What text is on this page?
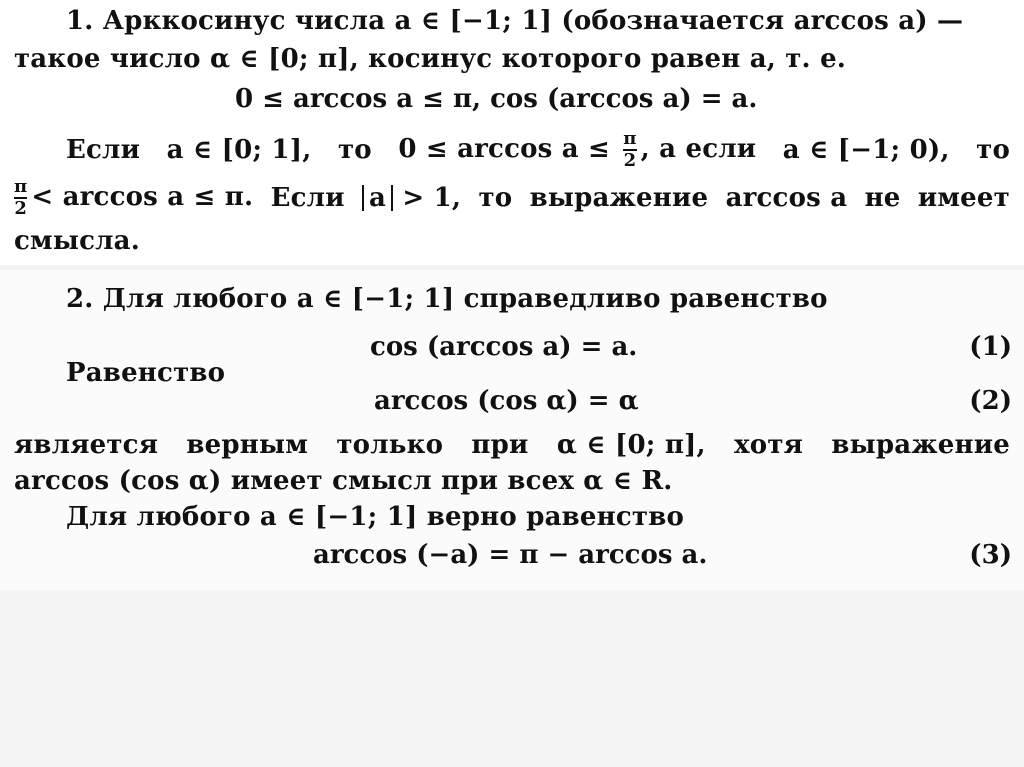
1. Арккосинус числа a ∈ [−1; 1] (обозначается arccos a) —
такое число α ∈ [0; π], косинус которого равен a, т. е.
0 ≤ arccos a ≤ π, cos (arccos a) = a.
Если a ∈ [0; 1], то $0 \le \arccos a \le \frac{\pi}{2}$ , а если a ∈ [−1; 0), то
$\frac{\pi}{2} < \arccos a \le \pi$. Если a > 1, то выражение arccos a не имеет
смысла.
2. Для любого a ∈ [−1; 1] справедливо равенство
cos (arccos a) = a.	(1)
Равенство
arccos (cos α) = α	(2)
является верным только при α ∈ [0; π], хотя выражение
arccos (cos α) имеет смысл при всех α ∈ R.
Для любого a ∈ [−1; 1] верно равенство
arccos (−a) = π − arccos a.	(3)
